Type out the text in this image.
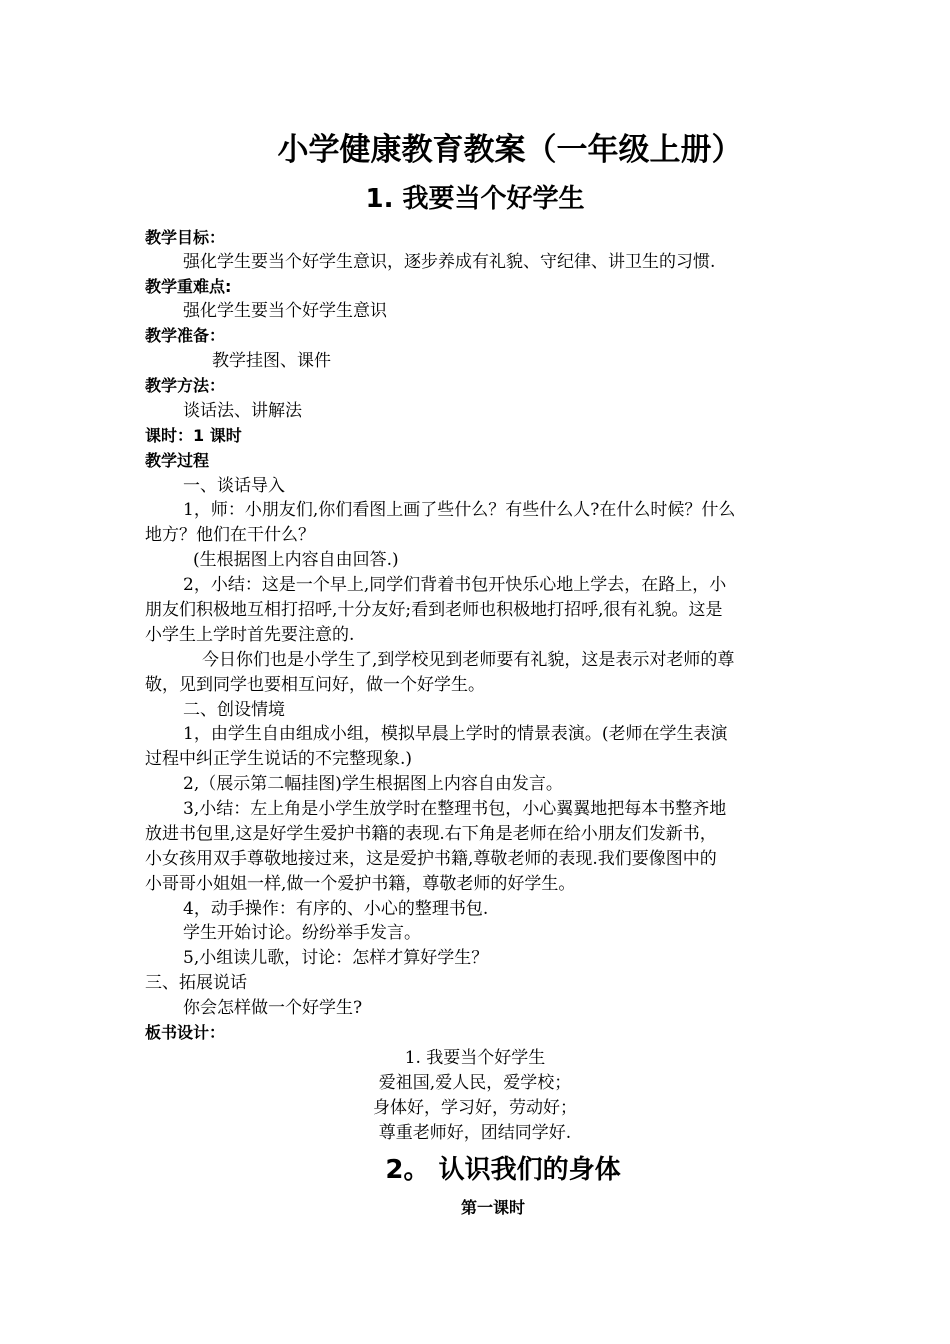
小学健康教育教案（一年级上册）
1. 我要当个好学生
教学目标：
强化学生要当个好学生意识，逐步养成有礼貌、守纪律、讲卫生的习惯.
教学重难点:
强化学生要当个好学生意识
教学准备：
教学挂图、课件
教学方法：
谈话法、讲解法
课时：1 课时
教学过程
一、谈话导入
1，师：小朋友们,你们看图上画了些什么？有些什么人?在什么时候？什么
地方？他们在干什么？
(生根据图上内容自由回答.)
2，小结：这是一个早上,同学们背着书包开快乐心地上学去，在路上，小
朋友们积极地互相打招呼,十分友好;看到老师也积极地打招呼,很有礼貌。这是
小学生上学时首先要注意的.
今日你们也是小学生了,到学校见到老师要有礼貌，这是表示对老师的尊
敬，见到同学也要相互问好，做一个好学生。
二、创设情境
1，由学生自由组成小组，模拟早晨上学时的情景表演。(老师在学生表演
过程中纠正学生说话的不完整现象.)
2,（展示第二幅挂图)学生根据图上内容自由发言。
3,小结：左上角是小学生放学时在整理书包，小心翼翼地把每本书整齐地
放进书包里,这是好学生爱护书籍的表现.右下角是老师在给小朋友们发新书，
小女孩用双手尊敬地接过来，这是爱护书籍,尊敬老师的表现.我们要像图中的
小哥哥小姐姐一样,做一个爱护书籍，尊敬老师的好学生。
4，动手操作：有序的、小心的整理书包.
学生开始讨论。纷纷举手发言。
5,小组读儿歌，讨论：怎样才算好学生？
三、拓展说话
你会怎样做一个好学生?
板书设计：
1. 我要当个好学生
爱祖国,爱人民，爱学校；
身体好，学习好，劳动好；
尊重老师好，团结同学好.
2。 认识我们的身体
第一课时
